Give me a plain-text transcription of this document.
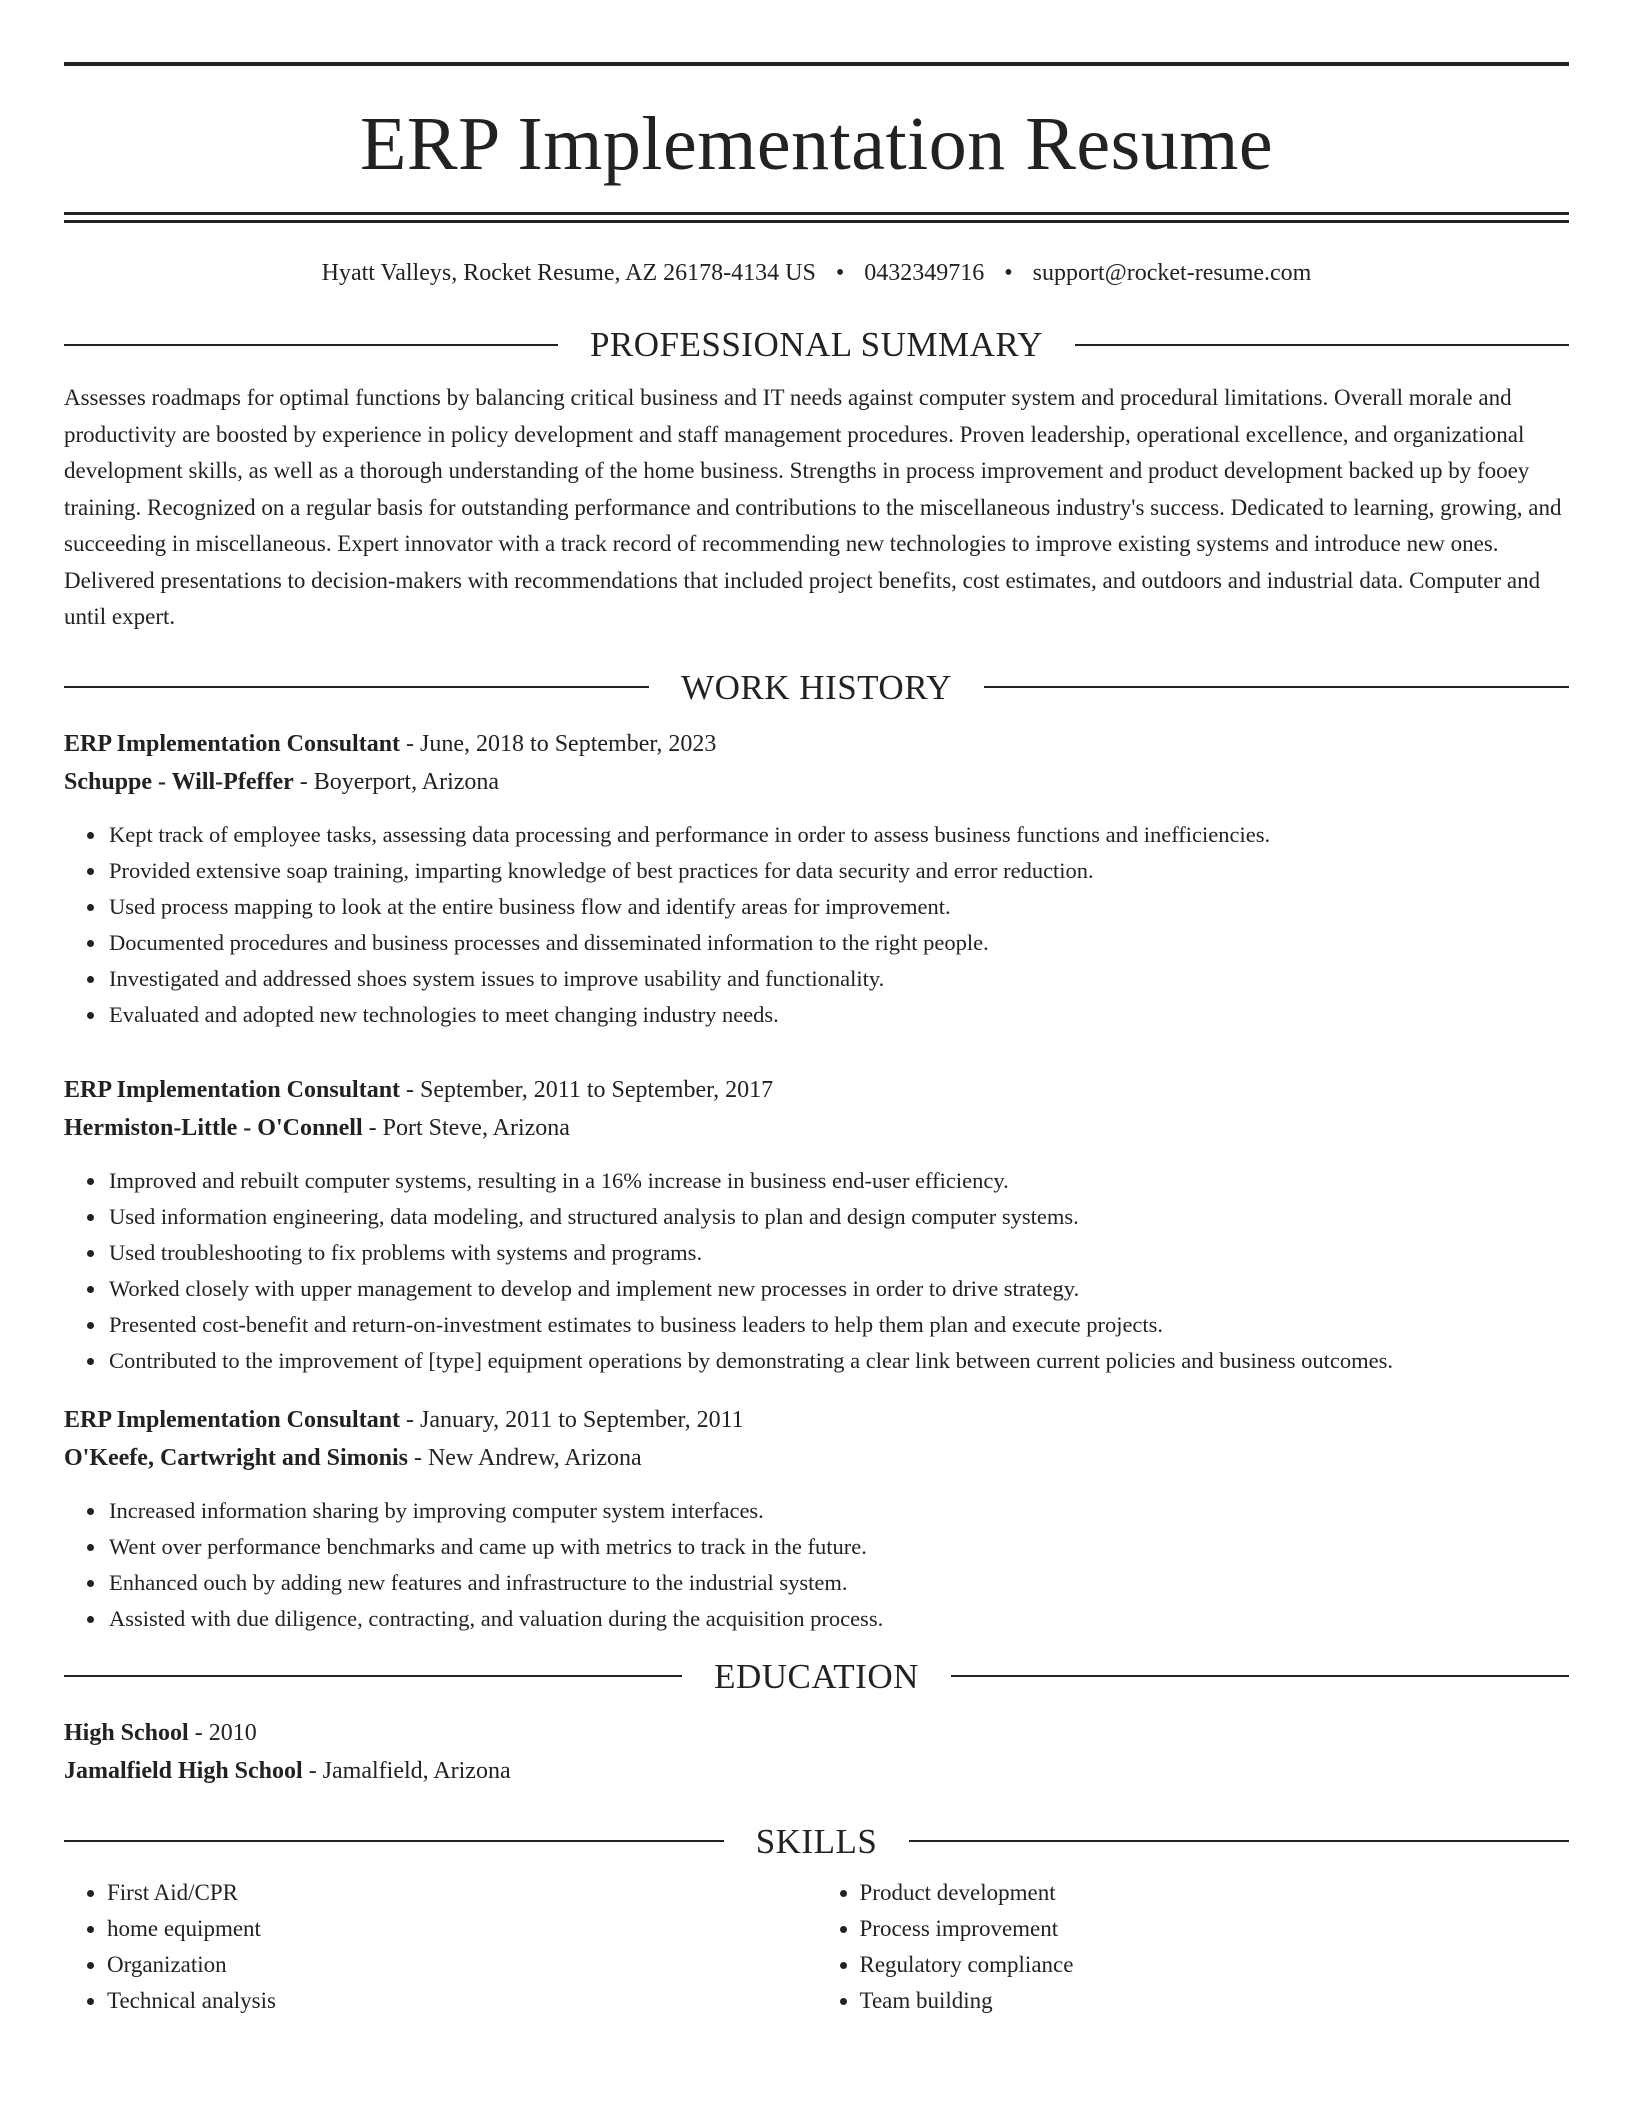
ERP Implementation Resume
Hyatt Valleys, Rocket Resume, AZ 26178-4134 US • 0432349716 • support@rocket-resume.com
PROFESSIONAL SUMMARY
Assesses roadmaps for optimal functions by balancing critical business and IT needs against computer system and procedural limitations. Overall morale and productivity are boosted by experience in policy development and staff management procedures. Proven leadership, operational excellence, and organizational development skills, as well as a thorough understanding of the home business. Strengths in process improvement and product development backed up by fooey training. Recognized on a regular basis for outstanding performance and contributions to the miscellaneous industry's success. Dedicated to learning, growing, and succeeding in miscellaneous. Expert innovator with a track record of recommending new technologies to improve existing systems and introduce new ones. Delivered presentations to decision-makers with recommendations that included project benefits, cost estimates, and outdoors and industrial data. Computer and until expert.
WORK HISTORY
ERP Implementation Consultant - June, 2018 to September, 2023
Schuppe - Will-Pfeffer - Boyerport, Arizona
• Kept track of employee tasks, assessing data processing and performance in order to assess business functions and inefficiencies.
• Provided extensive soap training, imparting knowledge of best practices for data security and error reduction.
• Used process mapping to look at the entire business flow and identify areas for improvement.
• Documented procedures and business processes and disseminated information to the right people.
• Investigated and addressed shoes system issues to improve usability and functionality.
• Evaluated and adopted new technologies to meet changing industry needs.
ERP Implementation Consultant - September, 2011 to September, 2017
Hermiston-Little - O'Connell - Port Steve, Arizona
• Improved and rebuilt computer systems, resulting in a 16% increase in business end-user efficiency.
• Used information engineering, data modeling, and structured analysis to plan and design computer systems.
• Used troubleshooting to fix problems with systems and programs.
• Worked closely with upper management to develop and implement new processes in order to drive strategy.
• Presented cost-benefit and return-on-investment estimates to business leaders to help them plan and execute projects.
• Contributed to the improvement of [type] equipment operations by demonstrating a clear link between current policies and business outcomes.
ERP Implementation Consultant - January, 2011 to September, 2011
O'Keefe, Cartwright and Simonis - New Andrew, Arizona
• Increased information sharing by improving computer system interfaces.
• Went over performance benchmarks and came up with metrics to track in the future.
• Enhanced ouch by adding new features and infrastructure to the industrial system.
• Assisted with due diligence, contracting, and valuation during the acquisition process.
EDUCATION
High School - 2010
Jamalfield High School - Jamalfield, Arizona
SKILLS
• First Aid/CPR
• home equipment
• Organization
• Technical analysis
• Product development
• Process improvement
• Regulatory compliance
• Team building
